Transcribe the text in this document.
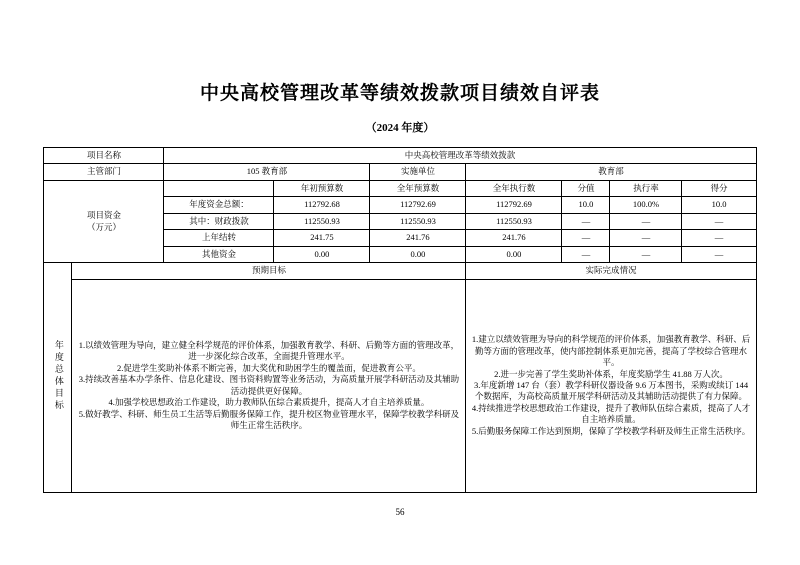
中央高校管理改革等绩效拨款项目绩效自评表
（2024 年度）
项目名称		中央高校管理改革等绩效拨款						
主管部门		105 教育部		实施单位	教育部			

项目资金
（万元）			年初预算数	全年预算数	全年执行数	分值	执行率	得分
		年度资金总额：	112792.68	112792.69	112792.69	10.0	100.0%	10.0
		其中：财政拨款	112550.93	112550.93	112550.93	—	—	—
		上年结转	241.75	241.76	241.76	—	—	—
		其他资金	0.00	0.00	0.00	—	—	—
年度总体目标	预期目标				实际完成情况			

1.以绩效管理为导向，建立健全科学规范的评价体系，加强教育教学、科研、后勤等方面的管理改革，进一步深化综合改革，全面提升管理水平。
2.促进学生奖助补体系不断完善，加大奖优和助困学生的覆盖面，促进教育公平。
3.持续改善基本办学条件、信息化建设、图书资料购置等业务活动，为高质量开展学科研活动及其辅助活动提供更好保障。
4.加强学校思想政治工作建设，助力教师队伍综合素质提升，提高人才自主培养质量。
5.做好教学、科研、师生员工生活等后勤服务保障工作，提升校区物业管理水平，保障学校教学科研及师生正常生活秩序。

1.建立以绩效管理为导向的科学规范的评价体系，加强教育教学、科研、后勤等方面的管理改革，使内部控制体系更加完善，提高了学校综合管理水平。
2.进一步完善了学生奖助补体系，年度奖励学生 41.88 万人次。
3.年度新增 147 台（套）教学科研仪器设备 9.6 万本图书，采购或续订 144 个数据库，为高校高质量开展学科研活动及其辅助活动提供了有力保障。
4.持续推进学校思想政治工作建设，提升了教师队伍综合素质，提高了人才自主培养质量。
5.后勤服务保障工作达到预期，保障了学校教学科研及师生正常生活秩序。
56
